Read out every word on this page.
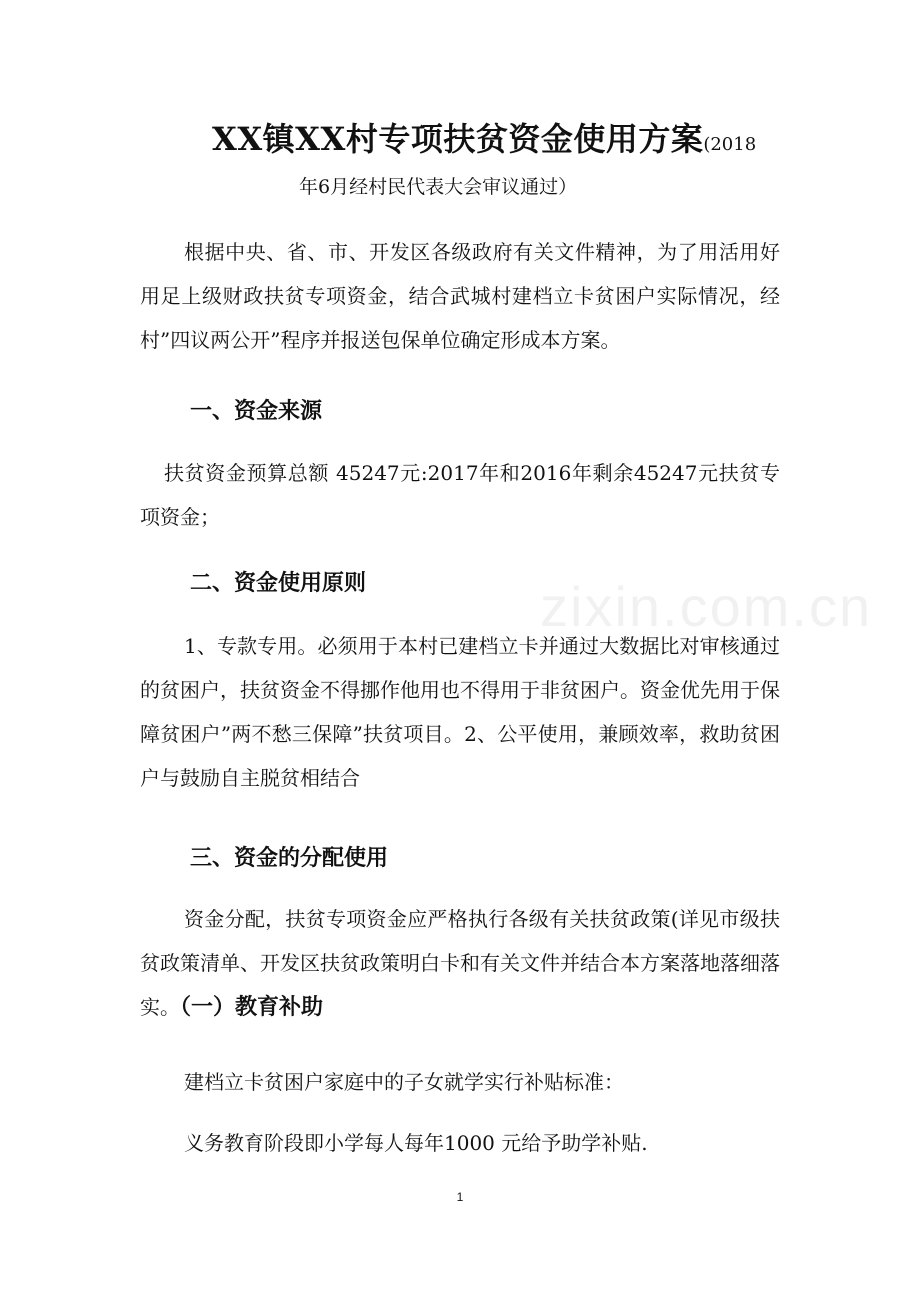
XX镇XX村专项扶贫资金使用方案(2018
年6月经村民代表大会审议通过）

根据中央、省、市、开发区各级政府有关文件精神，为了用活用好用足上级财政扶贫专项资金，结合武城村建档立卡贫困户实际情况，经村”四议两公开”程序并报送包保单位确定形成本方案。

一、资金来源

扶贫资金预算总额 45247元:2017年和2016年剩余45247元扶贫专项资金；

二、资金使用原则

1、专款专用。必须用于本村已建档立卡并通过大数据比对审核通过的贫困户，扶贫资金不得挪作他用也不得用于非贫困户。资金优先用于保障贫困户”两不愁三保障”扶贫项目。2、公平使用，兼顾效率，救助贫困户与鼓励自主脱贫相结合

三、资金的分配使用

资金分配，扶贫专项资金应严格执行各级有关扶贫政策(详见市级扶贫政策清单、开发区扶贫政策明白卡和有关文件并结合本方案落地落细落实。（一）教育补助

建档立卡贫困户家庭中的子女就学实行补贴标准：

义务教育阶段即小学每人每年1000 元给予助学补贴.

zixin.com.cn
1
